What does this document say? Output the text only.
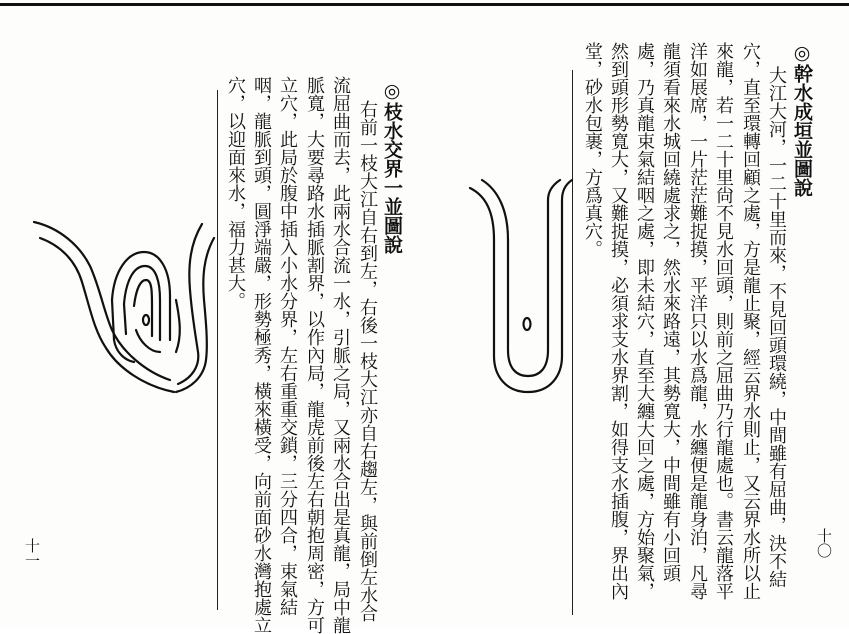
◎幹水成垣並圖說
大江大河，一二十里而來，不見回頭環繞，中間雖有屈曲，決不結
穴，直至環轉回顧之處，方是龍止聚，經云界水則止，又云界水所以止
來龍，若一二十里尙不見水回頭，則前之屈曲乃行龍處也。書云龍落平
洋如展席，一片茫茫難捉摸，平洋只以水爲龍，水纏便是龍身泊，凡尋
龍須看來水城回繞處求之，然水來路遠，其勢寬大，中間雖有小回頭
處，乃真龍束氣結咽之處，即未結穴，直至大纏大回之處，方始聚氣，
然到頭形勢寬大，又難捉摸，必須求支水界割，如得支水插腹，界出內
堂，砂水包裹，方爲真穴。
十〇
◎枝水交界一並圖說
右前一枝大江自右到左，右後一枝大江亦自右趨左，與前倒左水合
流屈曲而去，此兩水合流一水，引脈之局，又兩水合出是真龍，局中龍
脈寬，大要尋路水插脈割界，以作內局，龍虎前後左右朝抱周密，方可
立穴，此局於腹中插入小水分界，左右重重交鎖，三分四合，束氣結
咽，龍脈到頭，圓淨端嚴，形勢極秀，橫來橫受，向前面砂水灣抱處立
穴，以迎面來水，福力甚大。
十一
